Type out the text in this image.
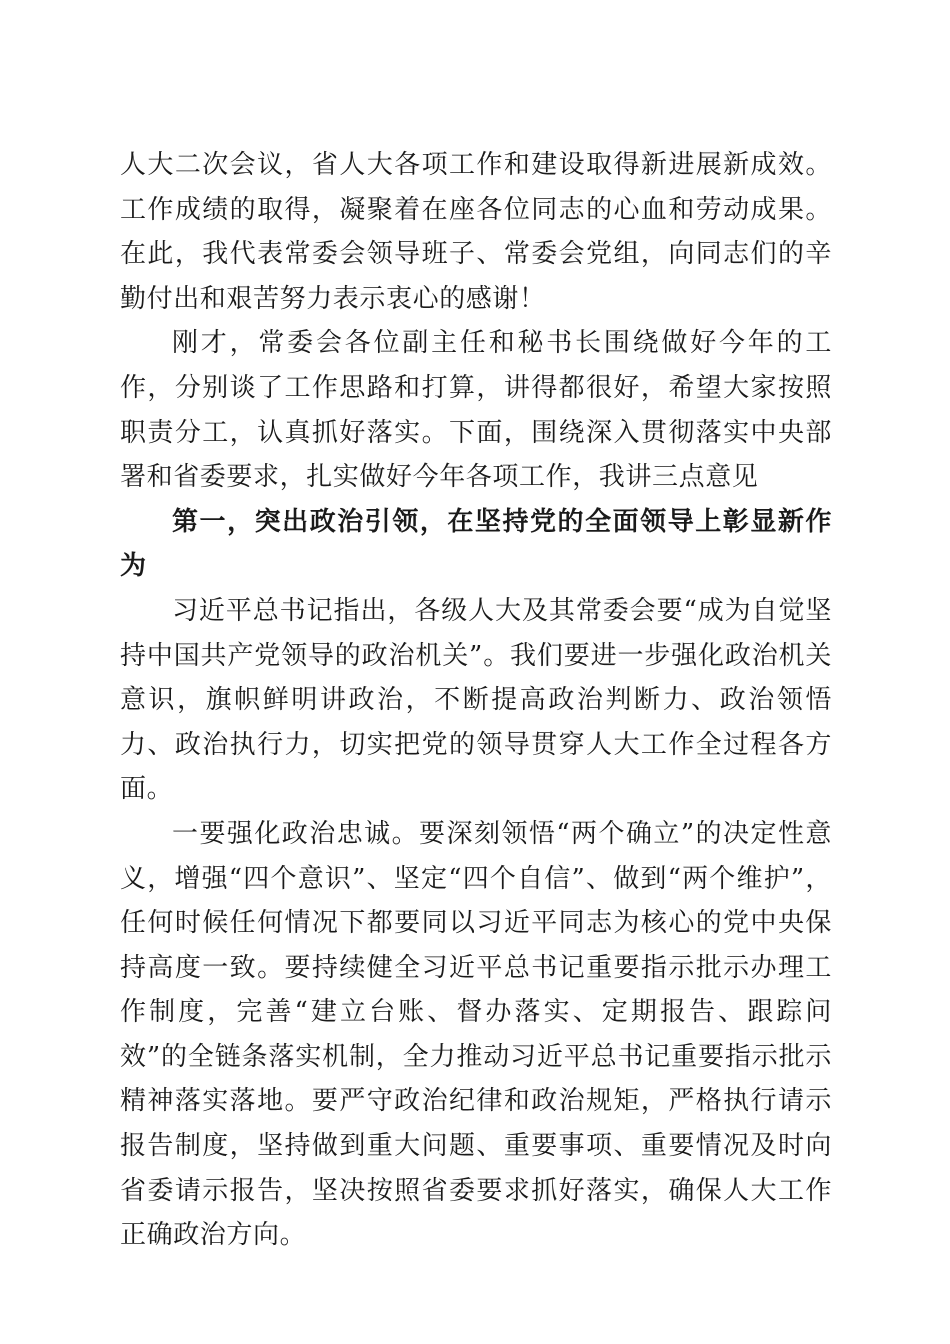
人大二次会议，省人大各项工作和建设取得新进展新成效。工作成绩的取得，凝聚着在座各位同志的心血和劳动成果。在此，我代表常委会领导班子、常委会党组，向同志们的辛勤付出和艰苦努力表示衷心的感谢！

刚才，常委会各位副主任和秘书长围绕做好今年的工作，分别谈了工作思路和打算，讲得都很好，希望大家按照职责分工，认真抓好落实。下面，围绕深入贯彻落实中央部署和省委要求，扎实做好今年各项工作，我讲三点意见

第一，突出政治引领，在坚持党的全面领导上彰显新作为

习近平总书记指出，各级人大及其常委会要“成为自觉坚持中国共产党领导的政治机关”。我们要进一步强化政治机关意识，旗帜鲜明讲政治，不断提高政治判断力、政治领悟力、政治执行力，切实把党的领导贯穿人大工作全过程各方面。

一要强化政治忠诚。要深刻领悟“两个确立”的决定性意义，增强“四个意识”、坚定“四个自信”、做到“两个维护”，任何时候任何情况下都要同以习近平同志为核心的党中央保持高度一致。要持续健全习近平总书记重要指示批示办理工作制度，完善“建立台账、督办落实、定期报告、跟踪问效”的全链条落实机制，全力推动习近平总书记重要指示批示精神落实落地。要严守政治纪律和政治规矩，严格执行请示报告制度，坚持做到重大问题、重要事项、重要情况及时向省委请示报告，坚决按照省委要求抓好落实，确保人大工作正确政治方向。
